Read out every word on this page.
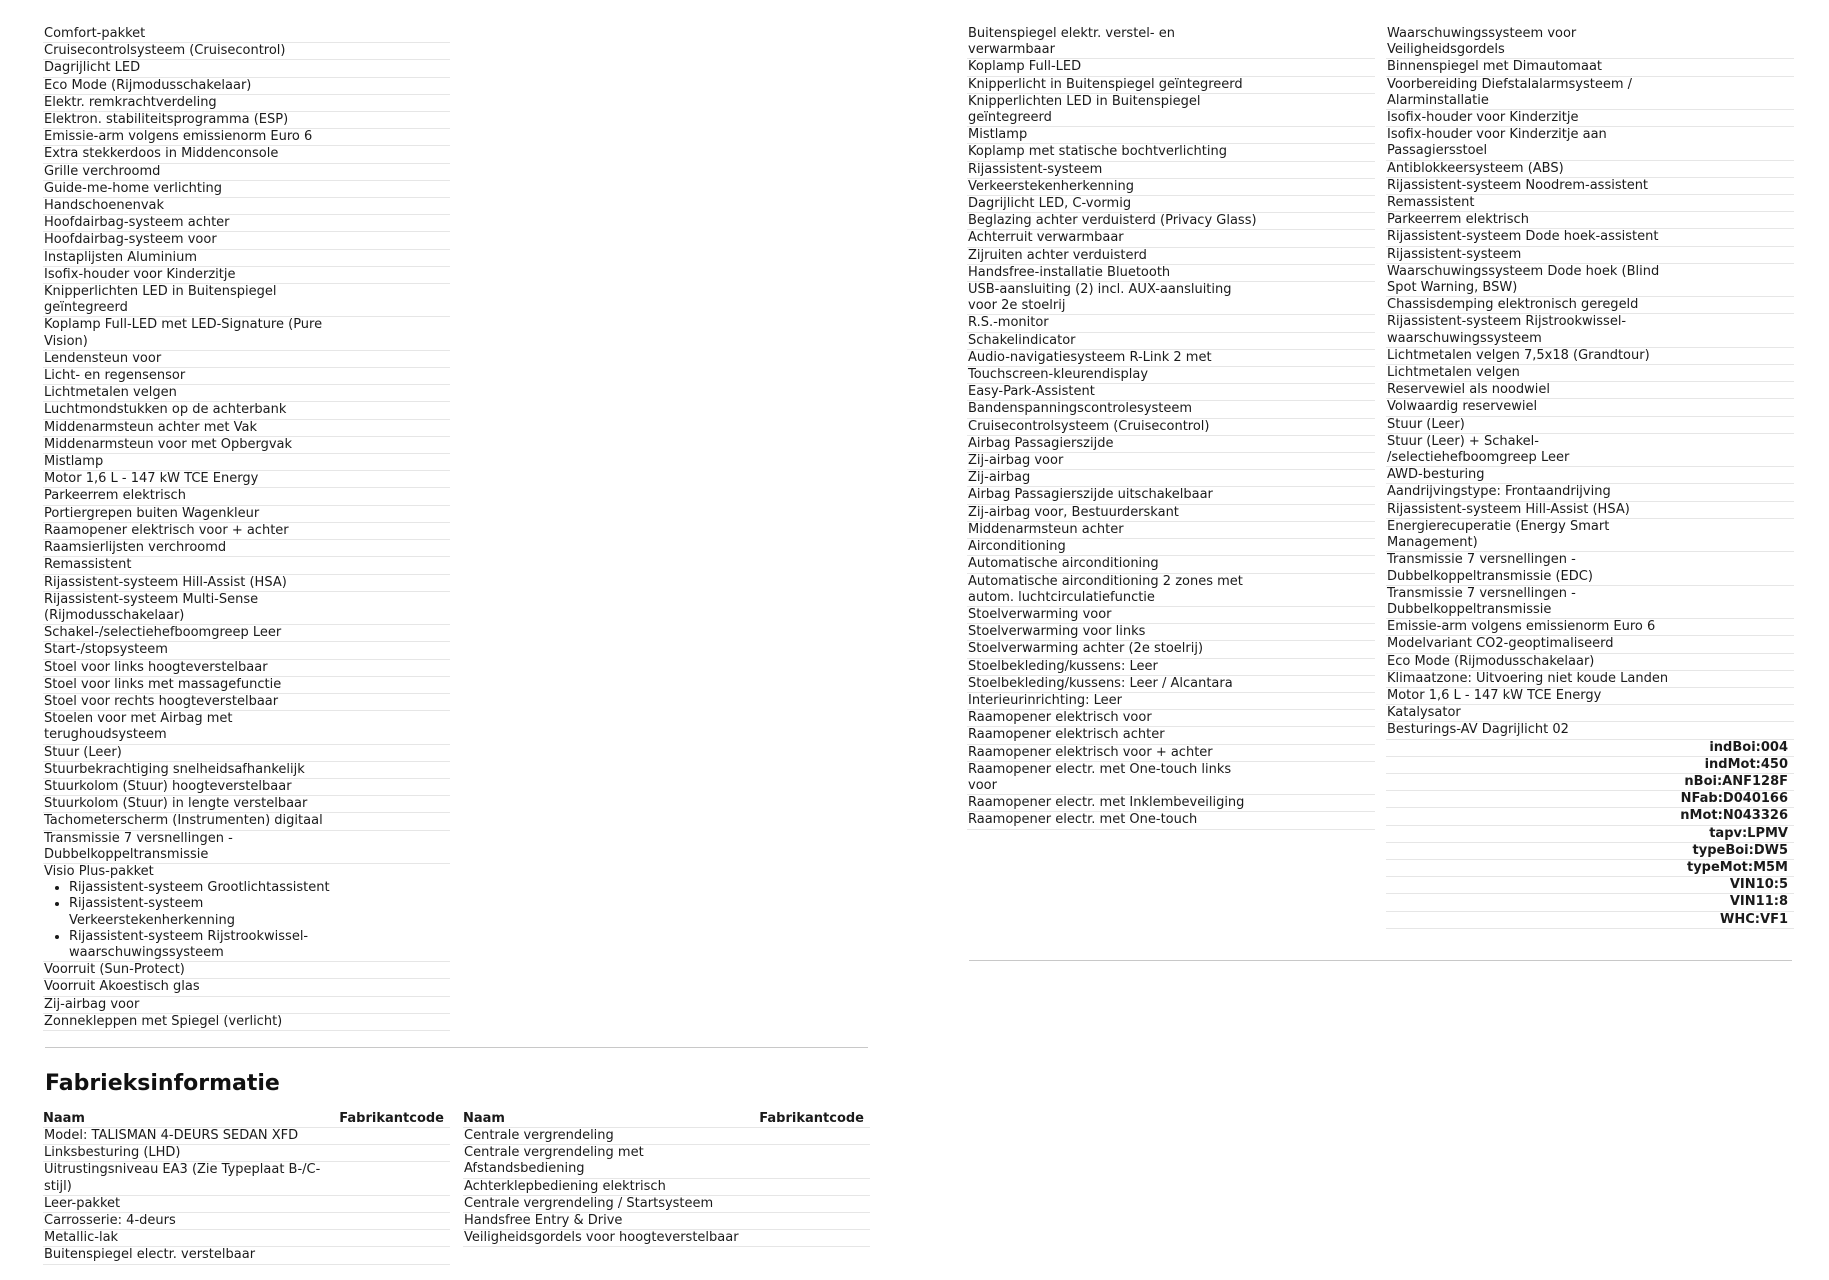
Comfort-pakket
Cruisecontrolsysteem (Cruisecontrol)
Dagrijlicht LED
Eco Mode (Rijmodusschakelaar)
Elektr. remkrachtverdeling
Elektron. stabiliteitsprogramma (ESP)
Emissie-arm volgens emissienorm Euro 6
Extra stekkerdoos in Middenconsole
Grille verchroomd
Guide-me-home verlichting
Handschoenenvak
Hoofdairbag-systeem achter
Hoofdairbag-systeem voor
Instaplijsten Aluminium
Isofix-houder voor Kinderzitje
Knipperlichten LED in Buitenspiegel
geïntegreerd
Koplamp Full-LED met LED-Signature (Pure
Vision)
Lendensteun voor
Licht- en regensensor
Lichtmetalen velgen
Luchtmondstukken op de achterbank
Middenarmsteun achter met Vak
Middenarmsteun voor met Opbergvak
Mistlamp
Motor 1,6 L - 147 kW TCE Energy
Parkeerrem elektrisch
Portiergrepen buiten Wagenkleur
Raamopener elektrisch voor + achter
Raamsierlijsten verchroomd
Remassistent
Rijassistent-systeem Hill-Assist (HSA)
Rijassistent-systeem Multi-Sense
(Rijmodusschakelaar)
Schakel-/selectiehefboomgreep Leer
Start-/stopsysteem
Stoel voor links hoogteverstelbaar
Stoel voor links met massagefunctie
Stoel voor rechts hoogteverstelbaar
Stoelen voor met Airbag met
terughoudsysteem
Stuur (Leer)
Stuurbekrachtiging snelheidsafhankelijk
Stuurkolom (Stuur) hoogteverstelbaar
Stuurkolom (Stuur) in lengte verstelbaar
Tachometerscherm (Instrumenten) digitaal
Transmissie 7 versnellingen -
Dubbelkoppeltransmissie
Visio Plus-pakket
• Rijassistent-systeem Grootlichtassistent
• Rijassistent-systeem
Verkeerstekenherkenning
• Rijassistent-systeem Rijstrookwissel-
waarschuwingssysteem
Voorruit (Sun-Protect)
Voorruit Akoestisch glas
Zij-airbag voor
Zonnekleppen met Spiegel (verlicht)
Buitenspiegel elektr. verstel- en
verwarmbaar
Koplamp Full-LED
Knipperlicht in Buitenspiegel geïntegreerd
Knipperlichten LED in Buitenspiegel
geïntegreerd
Mistlamp
Koplamp met statische bochtverlichting
Rijassistent-systeem
Verkeerstekenherkenning
Dagrijlicht LED, C-vormig
Beglazing achter verduisterd (Privacy Glass)
Achterruit verwarmbaar
Zijruiten achter verduisterd
Handsfree-installatie Bluetooth
USB-aansluiting (2) incl. AUX-aansluiting
voor 2e stoelrij
R.S.-monitor
Schakelindicator
Audio-navigatiesysteem R-Link 2 met
Touchscreen-kleurendisplay
Easy-Park-Assistent
Bandenspanningscontrolesysteem
Cruisecontrolsysteem (Cruisecontrol)
Airbag Passagierszijde
Zij-airbag voor
Zij-airbag
Airbag Passagierszijde uitschakelbaar
Zij-airbag voor, Bestuurderskant
Middenarmsteun achter
Airconditioning
Automatische airconditioning
Automatische airconditioning 2 zones met
autom. luchtcirculatiefunctie
Stoelverwarming voor
Stoelverwarming voor links
Stoelverwarming achter (2e stoelrij)
Stoelbekleding/kussens: Leer
Stoelbekleding/kussens: Leer / Alcantara
Interieurinrichting: Leer
Raamopener elektrisch voor
Raamopener elektrisch achter
Raamopener elektrisch voor + achter
Raamopener electr. met One-touch links
voor
Raamopener electr. met Inklembeveiliging
Raamopener electr. met One-touch
Waarschuwingssysteem voor
Veiligheidsgordels
Binnenspiegel met Dimautomaat
Voorbereiding Diefstalalarmsysteem /
Alarminstallatie
Isofix-houder voor Kinderzitje
Isofix-houder voor Kinderzitje aan
Passagiersstoel
Antiblokkeersysteem (ABS)
Rijassistent-systeem Noodrem-assistent
Remassistent
Parkeerrem elektrisch
Rijassistent-systeem Dode hoek-assistent
Rijassistent-systeem
Waarschuwingssysteem Dode hoek (Blind
Spot Warning, BSW)
Chassisdemping elektronisch geregeld
Rijassistent-systeem Rijstrookwissel-
waarschuwingssysteem
Lichtmetalen velgen 7,5x18 (Grandtour)
Lichtmetalen velgen
Reservewiel als noodwiel
Volwaardig reservewiel
Stuur (Leer)
Stuur (Leer) + Schakel-
/selectiehefboomgreep Leer
AWD-besturing
Aandrijvingstype: Frontaandrijving
Rijassistent-systeem Hill-Assist (HSA)
Energierecuperatie (Energy Smart
Management)
Transmissie 7 versnellingen -
Dubbelkoppeltransmissie (EDC)
Transmissie 7 versnellingen -
Dubbelkoppeltransmissie
Emissie-arm volgens emissienorm Euro 6
Modelvariant CO2-geoptimaliseerd
Eco Mode (Rijmodusschakelaar)
Klimaatzone: Uitvoering niet koude Landen
Motor 1,6 L - 147 kW TCE Energy
Katalysator
Besturings-AV Dagrijlicht 02
indBoi:004
indMot:450
nBoi:ANF128F
NFab:D040166
nMot:N043326
tapv:LPMV
typeBoi:DW5
typeMot:M5M
VIN10:5
VIN11:8
WHC:VF1
Fabrieksinformatie
Naam	Fabrikantcode
Model: TALISMAN 4-DEURS SEDAN XFD
Linksbesturing (LHD)
Uitrustingsniveau EA3 (Zie Typeplaat B-/C-
stijl)
Leer-pakket
Carrosserie: 4-deurs
Metallic-lak
Buitenspiegel electr. verstelbaar
Naam	Fabrikantcode
Centrale vergrendeling
Centrale vergrendeling met
Afstandsbediening
Achterklepbediening elektrisch
Centrale vergrendeling / Startsysteem
Handsfree Entry & Drive
Veiligheidsgordels voor hoogteverstelbaar
